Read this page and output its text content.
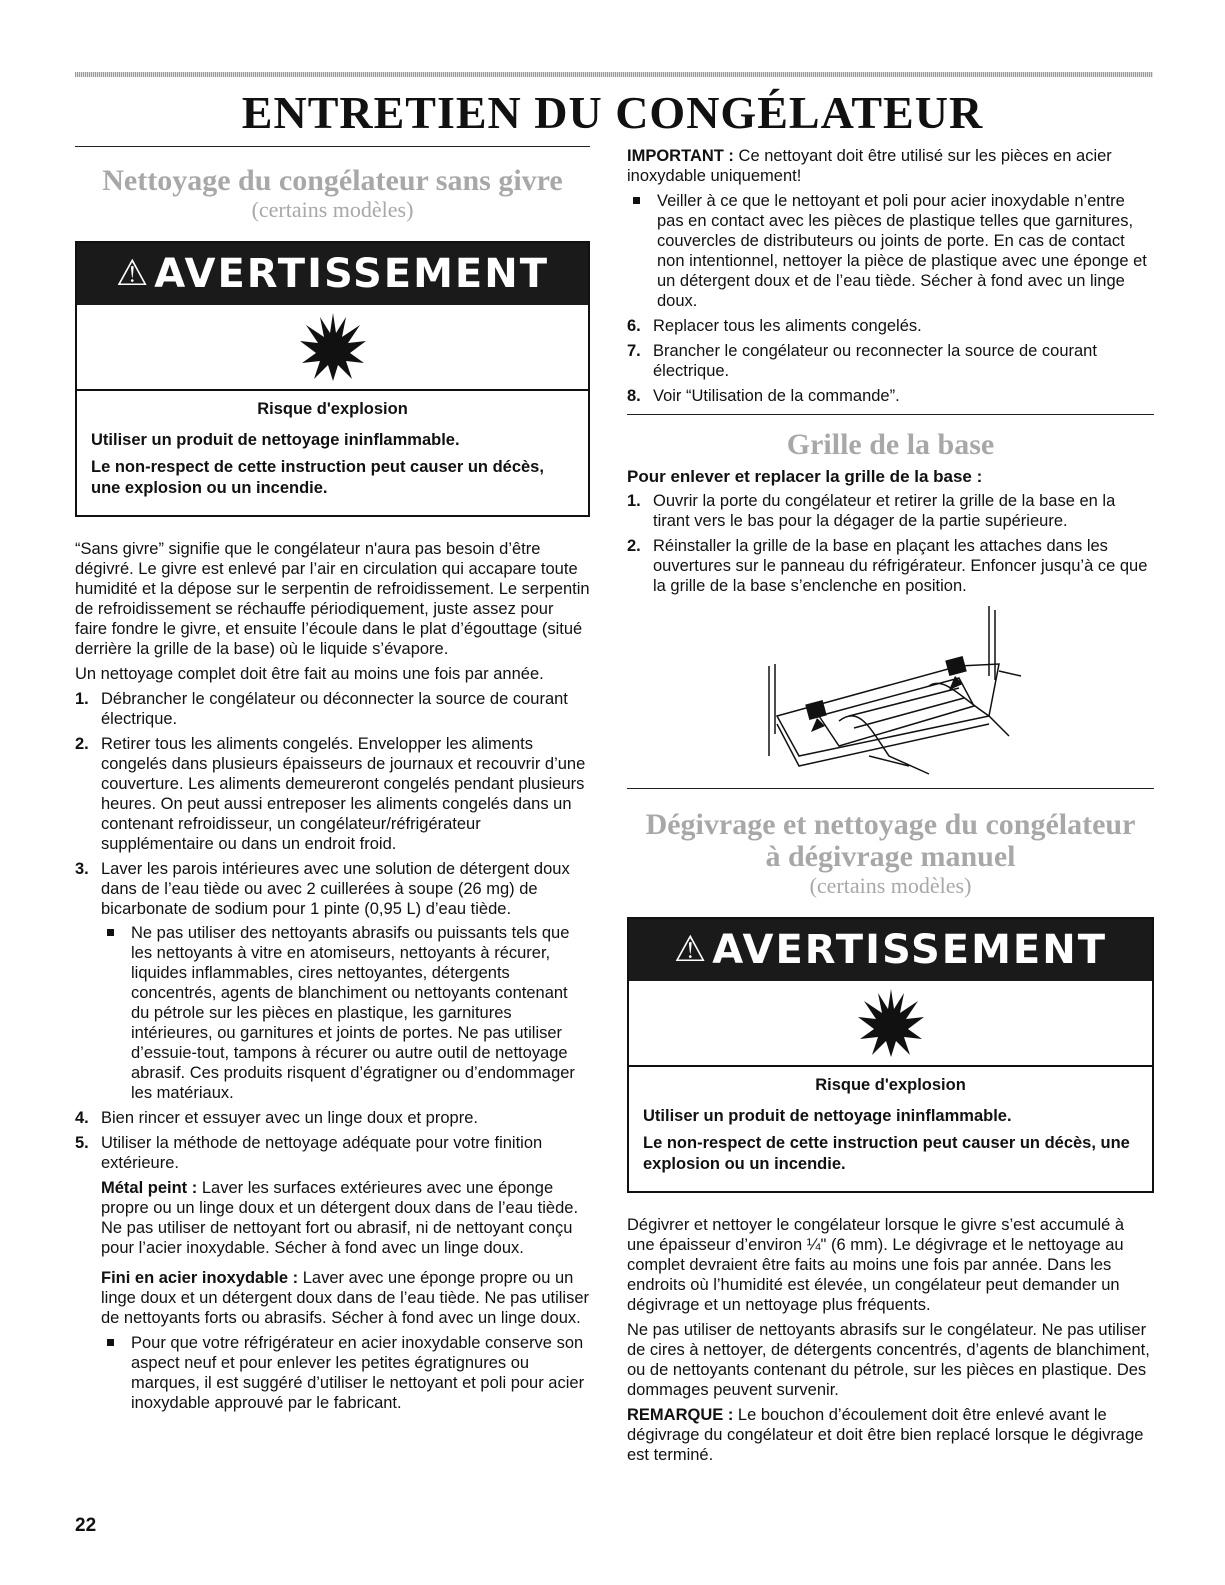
ENTRETIEN DU CONGÉLATEUR
Nettoyage du congélateur sans givre
(certains modèles)
⚠ AVERTISSEMENT
Risque d'explosion
Utiliser un produit de nettoyage ininflammable.
Le non-respect de cette instruction peut causer un décès, une explosion ou un incendie.

“Sans givre” signifie que le congélateur n'aura pas besoin d’être dégivré. Le givre est enlevé par l’air en circulation qui accapare toute humidité et la dépose sur le serpentin de refroidissement. Le serpentin de refroidissement se réchauffe périodiquement, juste assez pour faire fondre le givre, et ensuite l’écoule dans le plat d’égouttage (situé derrière la grille de la base) où le liquide s’évapore.

Un nettoyage complet doit être fait au moins une fois par année.

1. Débrancher le congélateur ou déconnecter la source de courant électrique.
2. Retirer tous les aliments congelés. Envelopper les aliments congelés dans plusieurs épaisseurs de journaux et recouvrir d’une couverture. Les aliments demeureront congelés pendant plusieurs heures. On peut aussi entreposer les aliments congelés dans un contenant refroidisseur, un congélateur/réfrigérateur supplémentaire ou dans un endroit froid.
3. Laver les parois intérieures avec une solution de détergent doux dans de l’eau tiède ou avec 2 cuillerées à soupe (26 mg) de bicarbonate de sodium pour 1 pinte (0,95 L) d’eau tiède.
Ne pas utiliser des nettoyants abrasifs ou puissants tels que les nettoyants à vitre en atomiseurs, nettoyants à récurer, liquides inflammables, cires nettoyantes, détergents concentrés, agents de blanchiment ou nettoyants contenant du pétrole sur les pièces en plastique, les garnitures intérieures, ou garnitures et joints de portes. Ne pas utiliser d’essuie-tout, tampons à récurer ou autre outil de nettoyage abrasif. Ces produits risquent d’égratigner ou d’endommager les matériaux.
4. Bien rincer et essuyer avec un linge doux et propre.
5. Utiliser la méthode de nettoyage adéquate pour votre finition extérieure.

Métal peint : Laver les surfaces extérieures avec une éponge propre ou un linge doux et un détergent doux dans de l’eau tiède. Ne pas utiliser de nettoyant fort ou abrasif, ni de nettoyant conçu pour l’acier inoxydable. Sécher à fond avec un linge doux.

Fini en acier inoxydable : Laver avec une éponge propre ou un linge doux et un détergent doux dans de l’eau tiède. Ne pas utiliser de nettoyants forts ou abrasifs. Sécher à fond avec un linge doux.

Pour que votre réfrigérateur en acier inoxydable conserve son aspect neuf et pour enlever les petites égratignures ou marques, il est suggéré d’utiliser le nettoyant et poli pour acier inoxydable approuvé par le fabricant.

IMPORTANT : Ce nettoyant doit être utilisé sur les pièces en acier inoxydable uniquement!

Veiller à ce que le nettoyant et poli pour acier inoxydable n’entre pas en contact avec les pièces de plastique telles que garnitures, couvercles de distributeurs ou joints de porte. En cas de contact non intentionnel, nettoyer la pièce de plastique avec une éponge et un détergent doux et de l’eau tiède. Sécher à fond avec un linge doux.
6. Replacer tous les aliments congelés.
7. Brancher le congélateur ou reconnecter la source de courant électrique.
8. Voir “Utilisation de la commande”.
Grille de la base
Pour enlever et replacer la grille de la base :
1. Ouvrir la porte du congélateur et retirer la grille de la base en la tirant vers le bas pour la dégager de la partie supérieure.
2. Réinstaller la grille de la base en plaçant les attaches dans les ouvertures sur le panneau du réfrigérateur. Enfoncer jusqu’à ce que la grille de la base s’enclenche en position.
Dégivrage et nettoyage du congélateur
à dégivrage manuel
(certains modèles)
⚠ AVERTISSEMENT
Risque d'explosion
Utiliser un produit de nettoyage ininflammable.
Le non-respect de cette instruction peut causer un décès, une explosion ou un incendie.

Dégivrer et nettoyer le congélateur lorsque le givre s’est accumulé à une épaisseur d’environ ¼" (6 mm). Le dégivrage et le nettoyage au complet devraient être faits au moins une fois par année. Dans les endroits où l’humidité est élevée, un congélateur peut demander un dégivrage et un nettoyage plus fréquents.

Ne pas utiliser de nettoyants abrasifs sur le congélateur. Ne pas utiliser de cires à nettoyer, de détergents concentrés, d’agents de blanchiment, ou de nettoyants contenant du pétrole, sur les pièces en plastique. Des dommages peuvent survenir.

REMARQUE : Le bouchon d’écoulement doit être enlevé avant le dégivrage du congélateur et doit être bien replacé lorsque le dégivrage est terminé.

22
